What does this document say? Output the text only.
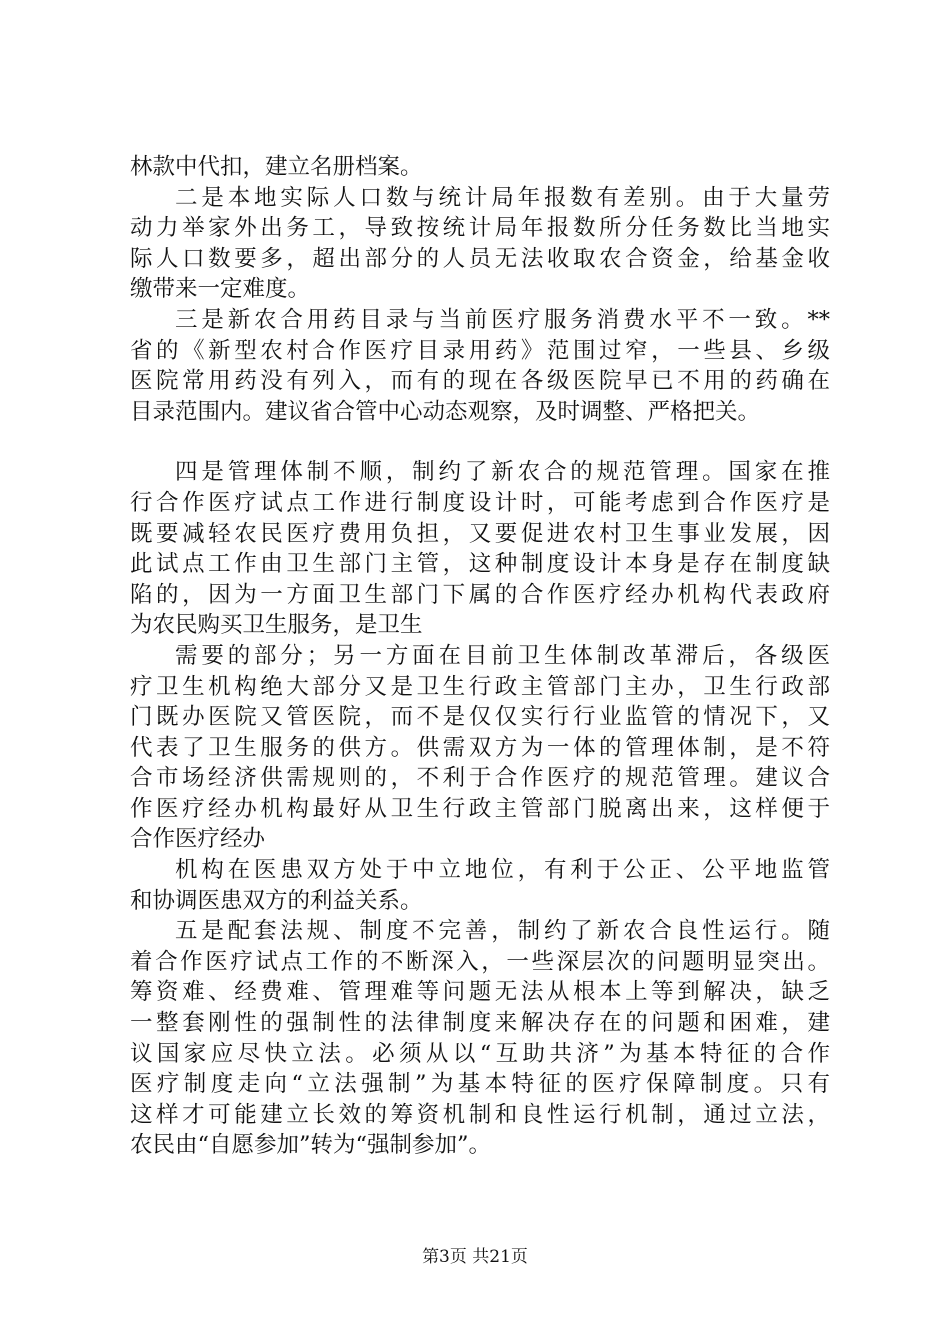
林款中代扣，建立名册档案。
二是本地实际人口数与统计局年报数有差别。由于大量劳
动力举家外出务工，导致按统计局年报数所分任务数比当地实
际人口数要多，超出部分的人员无法收取农合资金，给基金收
缴带来一定难度。
三是新农合用药目录与当前医疗服务消费水平不一致。**
省的《新型农村合作医疗目录用药》范围过窄，一些县、乡级
医院常用药没有列入，而有的现在各级医院早已不用的药确在
目录范围内。建议省合管中心动态观察，及时调整、严格把关。
四是管理体制不顺，制约了新农合的规范管理。国家在推
行合作医疗试点工作进行制度设计时，可能考虑到合作医疗是
既要减轻农民医疗费用负担，又要促进农村卫生事业发展，因
此试点工作由卫生部门主管，这种制度设计本身是存在制度缺
陷的，因为一方面卫生部门下属的合作医疗经办机构代表政府
为农民购买卫生服务，是卫生
需要的部分；另一方面在目前卫生体制改革滞后，各级医
疗卫生机构绝大部分又是卫生行政主管部门主办，卫生行政部
门既办医院又管医院，而不是仅仅实行行业监管的情况下，又
代表了卫生服务的供方。供需双方为一体的管理体制，是不符
合市场经济供需规则的，不利于合作医疗的规范管理。建议合
作医疗经办机构最好从卫生行政主管部门脱离出来，这样便于
合作医疗经办
机构在医患双方处于中立地位，有利于公正、公平地监管
和协调医患双方的利益关系。
五是配套法规、制度不完善，制约了新农合良性运行。随
着合作医疗试点工作的不断深入，一些深层次的问题明显突出。
筹资难、经费难、管理难等问题无法从根本上等到解决，缺乏
一整套刚性的强制性的法律制度来解决存在的问题和困难，建
议国家应尽快立法。必须从以“互助共济”为基本特征的合作
医疗制度走向“立法强制”为基本特征的医疗保障制度。只有
这样才可能建立长效的筹资机制和良性运行机制，通过立法，
农民由“自愿参加”转为“强制参加”。
第3页 共21页
